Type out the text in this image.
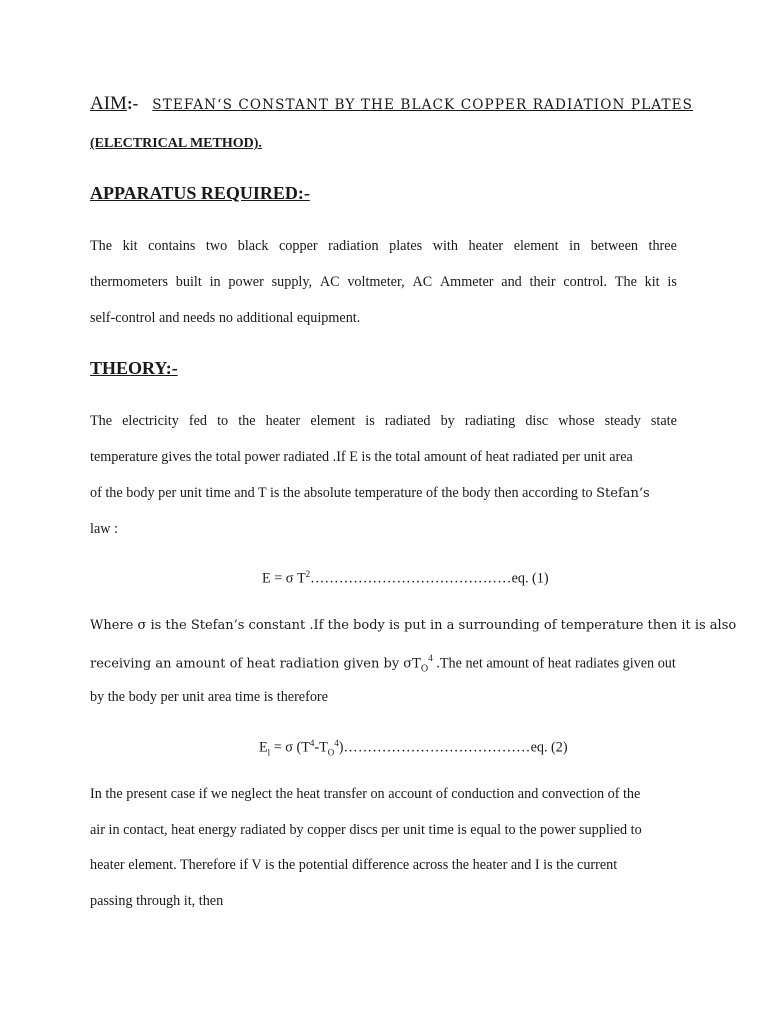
AIM:- STEFAN‘S CONSTANT BY THE BLACK COPPER RADIATION PLATES
(ELECTRICAL METHOD).
APPARATUS REQUIRED:-
The kit contains two black copper radiation plates with heater element in between three
thermometers built in power supply, AC voltmeter, AC Ammeter and their control. The kit is
self-control and needs no additional equipment.
THEORY:-
The electricity fed to the heater element is radiated by radiating disc whose steady state
temperature gives the total power radiated .If E is the total amount of heat radiated per unit area
of the body per unit time and T is the absolute temperature of the body then according to Stefan‘s
law :
E = σ $T^2\dots\dots\dots\dots\dots\dots\dots\dots\dots\dots\dots\dots\dots\dots eq$. (1)
Where σ is the Stefan’s constant .If the body is put in a surrounding of temperature then it is also
receiving an amount of heat radiation given by $\sigma T_O^4$ .The net amount of heat radiates given out
by the body per unit area time is therefore
$E_l = \sigma$ $(T^4-T_O^4)\dots\dots\dots\dots\dots\dots\dots\dots\dots\dots\dots\dots\dots eq$. (2)
In the present case if we neglect the heat transfer on account of conduction and convection of the
air in contact, heat energy radiated by copper discs per unit time is equal to the power supplied to
heater element. Therefore if V is the potential difference across the heater and I is the current
passing through it, then
